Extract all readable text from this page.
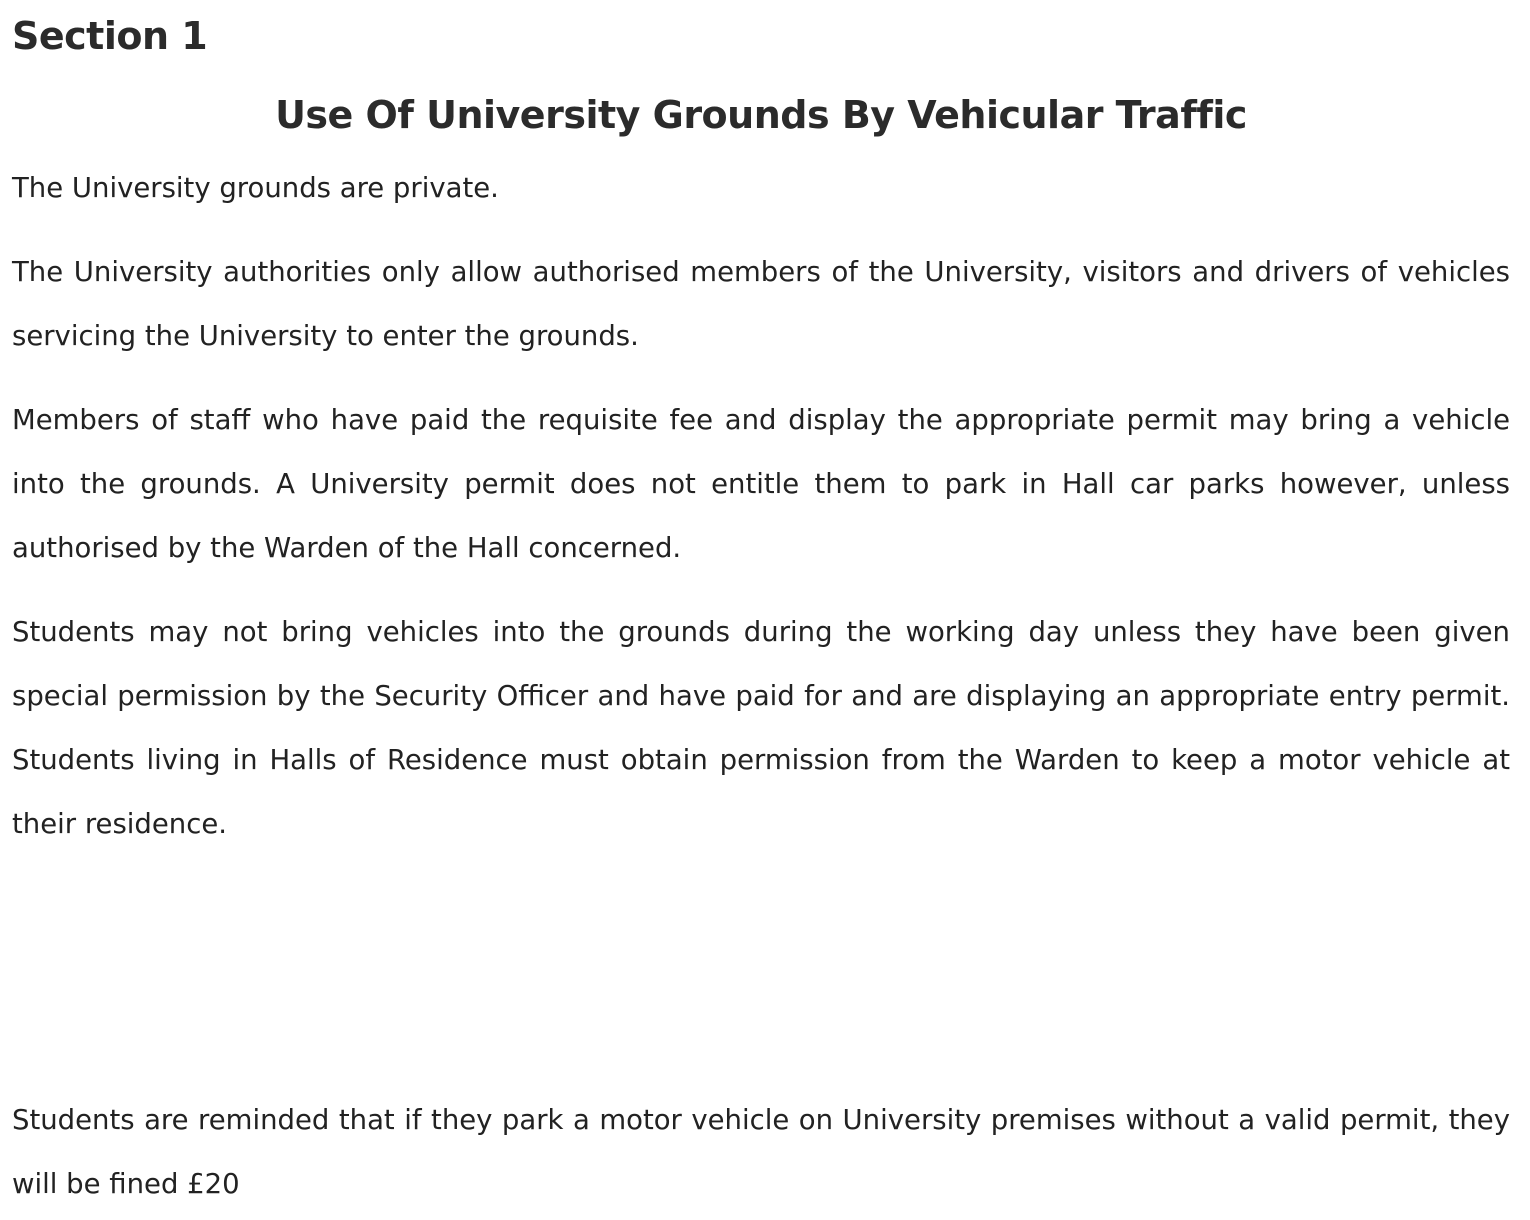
Section 1
Use Of University Grounds By Vehicular Traffic

The University grounds are private.

The University authorities only allow authorised members of the University, visitors and drivers of vehicles servicing the University to enter the grounds.

Members of staff who have paid the requisite fee and display the appropriate permit may bring a vehicle into the grounds. A University permit does not entitle them to park in Hall car parks however, unless authorised by the Warden of the Hall concerned.

Students may not bring vehicles into the grounds during the working day unless they have been given special permission by the Security Officer and have paid for and are displaying an appropriate entry permit. Students living in Halls of Residence must obtain permission from the Warden to keep a motor vehicle at their residence.

Students are reminded that if they park a motor vehicle on University premises without a valid permit, they will be fined £20
